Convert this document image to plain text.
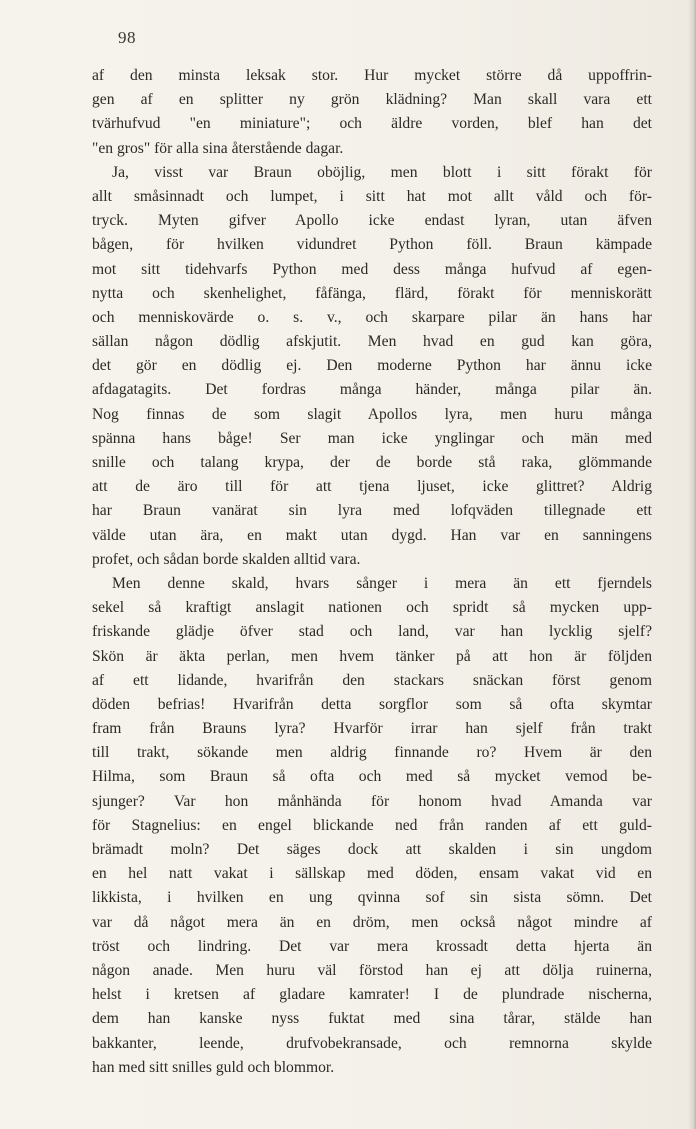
98
af den minsta leksak stor. Hur mycket större då uppoffrin-
gen af en splitter ny grön klädning? Man skall vara ett
tvärhufvud "en miniature"; och äldre vorden, blef han det
"en gros" för alla sina återstående dagar.
Ja, visst var Braun oböjlig, men blott i sitt förakt för
allt småsinnadt och lumpet, i sitt hat mot allt våld och för-
tryck. Myten gifver Apollo icke endast lyran, utan äfven
bågen, för hvilken vidundret Python föll. Braun kämpade
mot sitt tidehvarfs Python med dess många hufvud af egen-
nytta och skenhelighet, fåfänga, flärd, förakt för menniskorätt
och menniskovärde o. s. v., och skarpare pilar än hans har
sällan någon dödlig afskjutit. Men hvad en gud kan göra,
det gör en dödlig ej. Den moderne Python har ännu icke
afdagatagits. Det fordras många händer, många pilar än.
Nog finnas de som slagit Apollos lyra, men huru många
spänna hans båge! Ser man icke ynglingar och män med
snille och talang krypa, der de borde stå raka, glömmande
att de äro till för att tjena ljuset, icke glittret? Aldrig
har Braun vanärat sin lyra med lofqväden tillegnade ett
välde utan ära, en makt utan dygd. Han var en sanningens
profet, och sådan borde skalden alltid vara.
Men denne skald, hvars sånger i mera än ett fjerndels
sekel så kraftigt anslagit nationen och spridt så mycken upp-
friskande glädje öfver stad och land, var han lycklig sjelf?
Skön är äkta perlan, men hvem tänker på att hon är följden
af ett lidande, hvarifrån den stackars snäckan först genom
döden befrias! Hvarifrån detta sorgflor som så ofta skymtar
fram från Brauns lyra? Hvarför irrar han sjelf från trakt
till trakt, sökande men aldrig finnande ro? Hvem är den
Hilma, som Braun så ofta och med så mycket vemod be-
sjunger? Var hon månhända för honom hvad Amanda var
för Stagnelius: en engel blickande ned från randen af ett guld-
brämadt moln? Det säges dock att skalden i sin ungdom
en hel natt vakat i sällskap med döden, ensam vakat vid en
likkista, i hvilken en ung qvinna sof sin sista sömn. Det
var då något mera än en dröm, men också något mindre af
tröst och lindring. Det var mera krossadt detta hjerta än
någon anade. Men huru väl förstod han ej att dölja ruinerna,
helst i kretsen af gladare kamrater! I de plundrade nischerna,
dem han kanske nyss fuktat med sina tårar, stälde han
bakkanter, leende, drufvobekransade, och remnorna skylde
han med sitt snilles guld och blommor.
